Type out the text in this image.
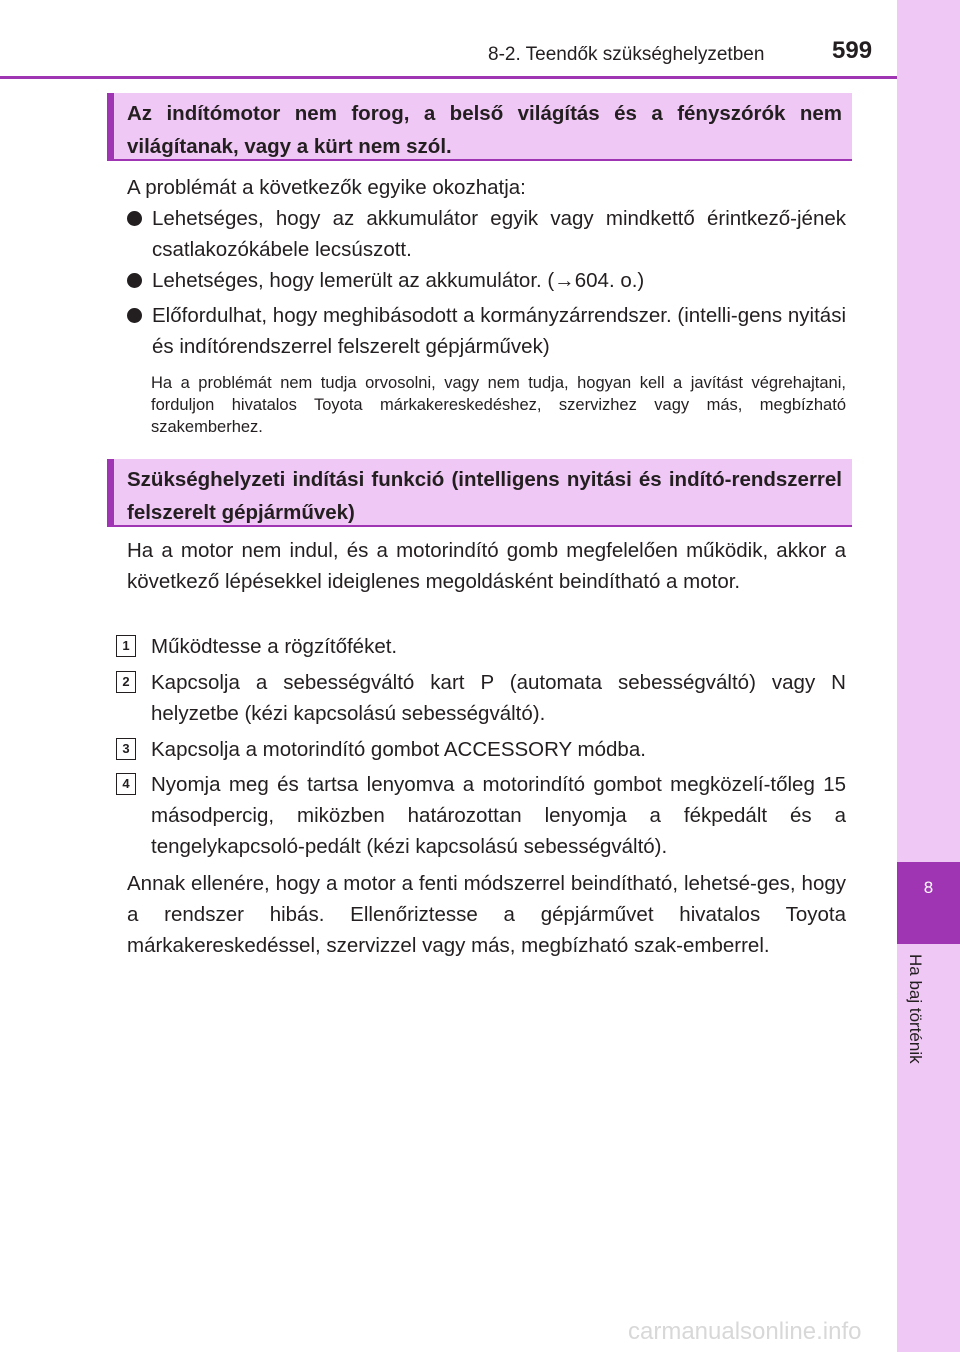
8
Ha baj történik
8-2. Teendők szükséghelyzetben	599
Az indítómotor nem forog, a belső világítás és a fényszórók nem világítanak, vagy a kürt nem szól.

A problémát a következők egyike okozhatja:

Lehetséges, hogy az akkumulátor egyik vagy mindkettő érintkező-jének csatlakozókábele lecsúszott.
Lehetséges, hogy lemerült az akkumulátor. (→604. o.)
Előfordulhat, hogy meghibásodott a kormányzárrendszer. (intelli-gens nyitási és indítórendszerrel felszerelt gépjárművek)
Ha a problémát nem tudja orvosolni, vagy nem tudja, hogyan kell a javítást végrehajtani, forduljon hivatalos Toyota márkakereskedéshez, szervizhez vagy más, megbízható szakemberhez.
Szükséghelyzeti indítási funkció (intelligens nyitási és indító-rendszerrel felszerelt gépjárművek)

Ha a motor nem indul, és a motorindító gomb megfelelően működik, akkor a következő lépésekkel ideiglenes megoldásként beindítható a motor.

1	Működtesse a rögzítőféket.
2	Kapcsolja a sebességváltó kart P (automata sebességváltó) vagy N helyzetbe (kézi kapcsolású sebességváltó).
3	Kapcsolja a motorindító gombot ACCESSORY módba.
4	Nyomja meg és tartsa lenyomva a motorindító gombot megközelí-tőleg 15 másodpercig, miközben határozottan lenyomja a fékpedált és a tengelykapcsoló-pedált (kézi kapcsolású sebességváltó).

Annak ellenére, hogy a motor a fenti módszerrel beindítható, lehetsé-ges, hogy a rendszer hibás. Ellenőriztesse a gépjárművet hivatalos Toyota márkakereskedéssel, szervizzel vagy más, megbízható szak-emberrel.

carmanualsonline.info
